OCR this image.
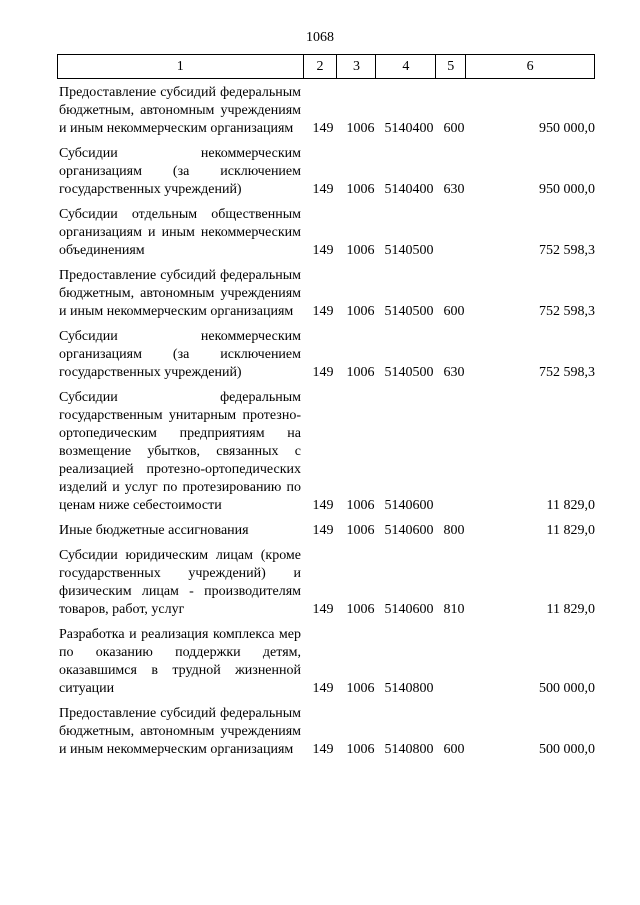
1068
1	2	3	4	5	6
Предоставление субсидий федеральным бюджетным, автономным учреждениям и иным некоммерческим организациям	149 1006 5140400 600	950 000,0
Субсидии некоммерческим организациям (за исключением государственных учреждений)	149 1006 5140400 630	950 000,0
Субсидии отдельным общественным организациям и иным некоммерческим объединениям	149 1006 5140500	752 598,3
Предоставление субсидий федеральным бюджетным, автономным учреждениям и иным некоммерческим организациям	149 1006 5140500 600	752 598,3
Субсидии некоммерческим организациям (за исключением государственных учреждений)	149 1006 5140500 630	752 598,3
Субсидии федеральным государственным унитарным протезно-ортопедическим предприятиям на возмещение убытков, связанных с реализацией протезно-ортопедических изделий и услуг по протезированию по ценам ниже себестоимости	149 1006 5140600	11 829,0
Иные бюджетные ассигнования	149 1006 5140600 800	11 829,0
Субсидии юридическим лицам (кроме государственных учреждений) и физическим лицам - производителям товаров, работ, услуг	149 1006 5140600 810	11 829,0
Разработка и реализация комплекса мер по оказанию поддержки детям, оказавшимся в трудной жизненной ситуации	149 1006 5140800	500 000,0
Предоставление субсидий федеральным бюджетным, автономным учреждениям и иным некоммерческим организациям	149 1006 5140800 600	500 000,0
